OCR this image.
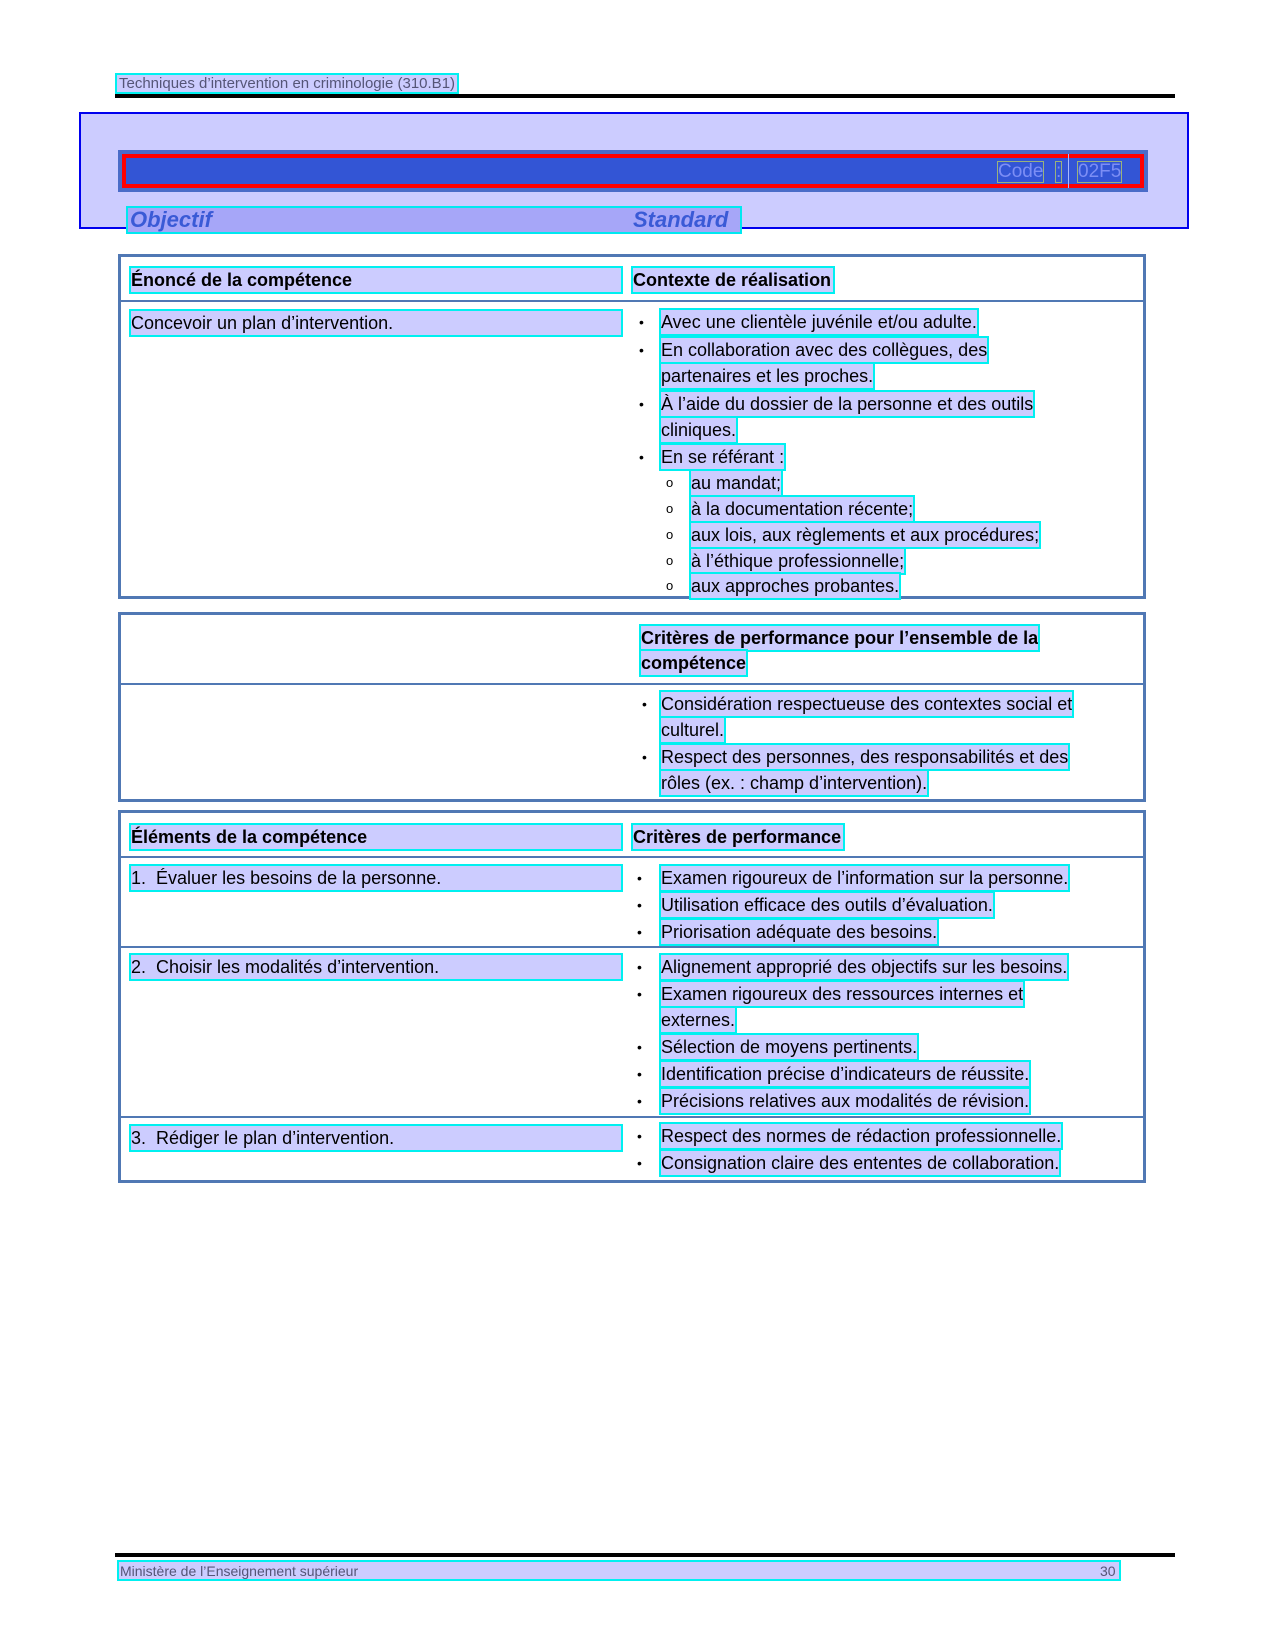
Techniques d’intervention en criminologie (310.B1)
Code : 02F5
Objectif	Standard
Énoncé de la compétence	Contexte de réalisation
Concevoir un plan d’intervention.	• Avec une clientèle juvénile et/ou adulte.
• En collaboration avec des collègues, des
partenaires et les proches.
• À l’aide du dossier de la personne et des outils
cliniques.
• En se référant :
o au mandat;
o à la documentation récente;
o aux lois, aux règlements et aux procédures;
o à l’éthique professionnelle;
o aux approches probantes.
Critères de performance pour l’ensemble de la
compétence
• Considération respectueuse des contextes social et
culturel.
• Respect des personnes, des responsabilités et des
rôles (ex. : champ d’intervention).
Éléments de la compétence	Critères de performance
1. Évaluer les besoins de la personne.	• Examen rigoureux de l’information sur la personne.
• Utilisation efficace des outils d’évaluation.
• Priorisation adéquate des besoins.
2. Choisir les modalités d’intervention.	• Alignement approprié des objectifs sur les besoins.
• Examen rigoureux des ressources internes et
externes.
• Sélection de moyens pertinents.
• Identification précise d’indicateurs de réussite.
• Précisions relatives aux modalités de révision.
3. Rédiger le plan d’intervention.	• Respect des normes de rédaction professionnelle.
• Consignation claire des ententes de collaboration.
Ministère de l’Enseignement supérieur	30
